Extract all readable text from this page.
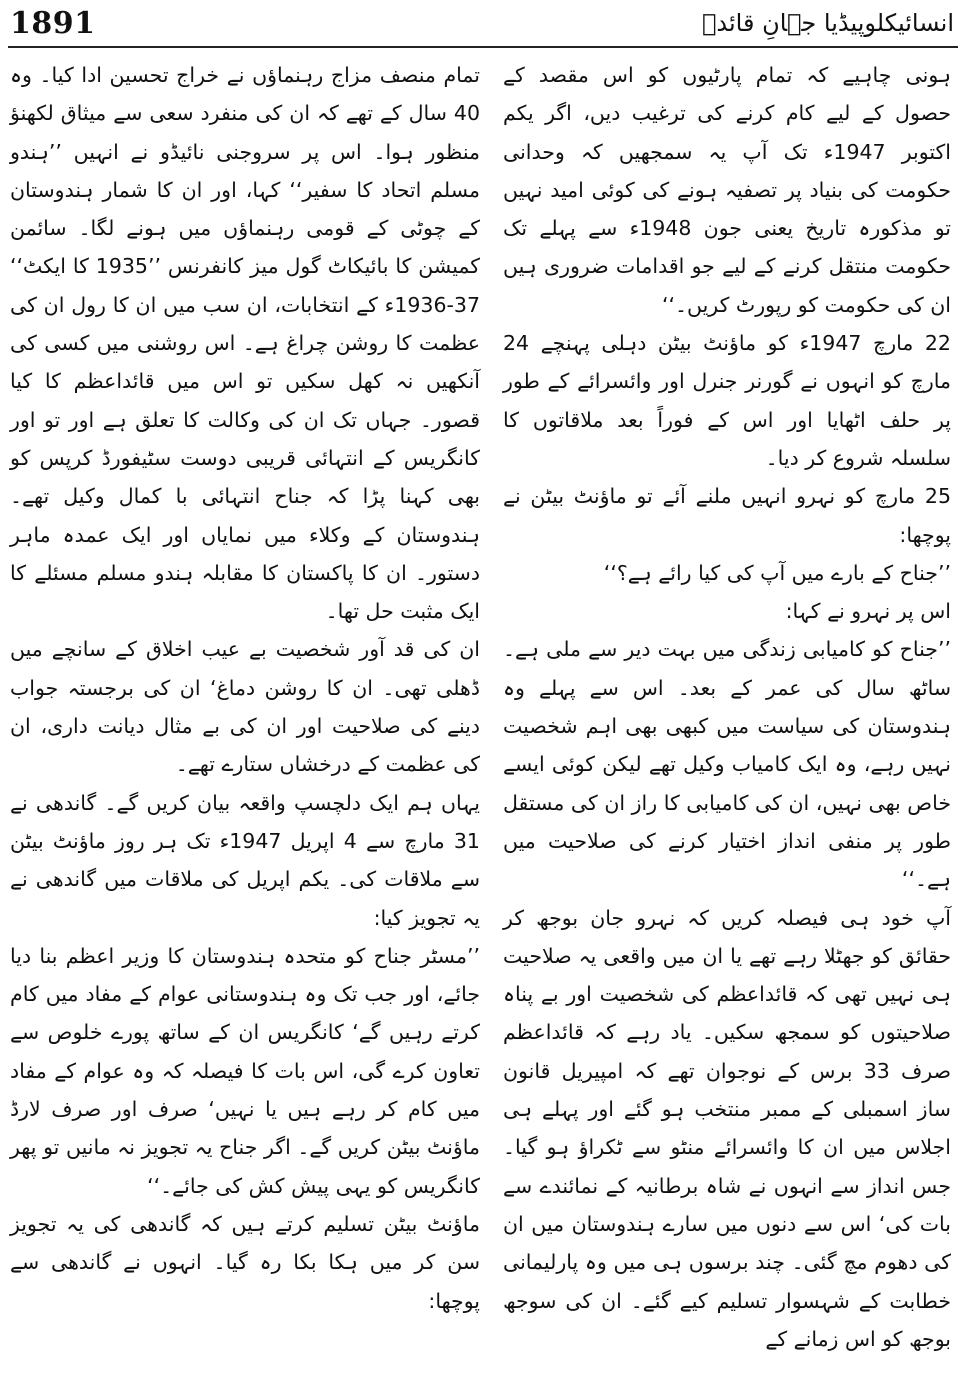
1891	انسائیکلوپیڈیا جہانِ قائدؒ

ہونی چاہیے کہ تمام پارٹیوں کو اس مقصد کے حصول کے لیے کام کرنے کی ترغیب دیں، اگر یکم اکتوبر 1947ء تک آپ یہ سمجھیں کہ وحدانی حکومت کی بنیاد پر تصفیہ ہونے کی کوئی امید نہیں تو مذکورہ تاریخ یعنی جون 1948ء سے پہلے تک حکومت منتقل کرنے کے لیے جو اقدامات ضروری ہیں ان کی حکومت کو رپورٹ کریں۔‘‘

22 مارچ 1947ء کو ماؤنٹ بیٹن دہلی پہنچے 24 مارچ کو انہوں نے گورنر جنرل اور وائسرائے کے طور پر حلف اٹھایا اور اس کے فوراً بعد ملاقاتوں کا سلسلہ شروع کر دیا۔

25 مارچ کو نہرو انہیں ملنے آئے تو ماؤنٹ بیٹن نے پوچھا:

’’جناح کے بارے میں آپ کی کیا رائے ہے؟‘‘

اس پر نہرو نے کہا:

’’جناح کو کامیابی زندگی میں بہت دیر سے ملی ہے۔ ساٹھ سال کی عمر کے بعد۔ اس سے پہلے وہ ہندوستان کی سیاست میں کبھی بھی اہم شخصیت نہیں رہے، وہ ایک کامیاب وکیل تھے لیکن کوئی ایسے خاص بھی نہیں، ان کی کامیابی کا راز ان کی مستقل طور پر منفی انداز اختیار کرنے کی صلاحیت میں ہے۔‘‘

آپ خود ہی فیصلہ کریں کہ نہرو جان بوجھ کر حقائق کو جھٹلا رہے تھے یا ان میں واقعی یہ صلاحیت ہی نہیں تھی کہ قائداعظم کی شخصیت اور بے پناہ صلاحیتوں کو سمجھ سکیں۔ یاد رہے کہ قائداعظم صرف 33 برس کے نوجوان تھے کہ امپیریل قانون ساز اسمبلی کے ممبر منتخب ہو گئے اور پہلے ہی اجلاس میں ان کا وائسرائے منٹو سے ٹکراؤ ہو گیا۔ جس انداز سے انہوں نے شاہ برطانیہ کے نمائندے سے بات کی‘ اس سے دنوں میں سارے ہندوستان میں ان کی دھوم مچ گئی۔ چند برسوں ہی میں وہ پارلیمانی خطابت کے شہسوار تسلیم کیے گئے۔ ان کی سوجھ بوجھ کو اس زمانے کے

تمام منصف مزاج رہنماؤں نے خراج تحسین ادا کیا۔ وہ 40 سال کے تھے کہ ان کی منفرد سعی سے میثاق لکھنؤ منظور ہوا۔ اس پر سروجنی نائیڈو نے انہیں ’’ہندو مسلم اتحاد کا سفیر‘‘ کہا، اور ان کا شمار ہندوستان کے چوٹی کے قومی رہنماؤں میں ہونے لگا۔ سائمن کمیشن کا بائیکاٹ گول میز کانفرنس ’’1935 کا ایکٹ‘‘ 37-1936ء کے انتخابات، ان سب میں ان کا رول ان کی عظمت کا روشن چراغ ہے۔ اس روشنی میں کسی کی آنکھیں نہ کھل سکیں تو اس میں قائداعظم کا کیا قصور۔ جہاں تک ان کی وکالت کا تعلق ہے اور تو اور کانگریس کے انتہائی قریبی دوست سٹیفورڈ کرپس کو بھی کہنا پڑا کہ جناح انتہائی با کمال وکیل تھے۔ ہندوستان کے وکلاء میں نمایاں اور ایک عمدہ ماہر دستور۔ ان کا پاکستان کا مقابلہ ہندو مسلم مسئلے کا ایک مثبت حل تھا۔

ان کی قد آور شخصیت بے عیب اخلاق کے سانچے میں ڈھلی تھی۔ ان کا روشن دماغ‘ ان کی برجستہ جواب دینے کی صلاحیت اور ان کی بے مثال دیانت داری، ان کی عظمت کے درخشاں ستارے تھے۔

یہاں ہم ایک دلچسپ واقعہ بیان کریں گے۔ گاندھی نے 31 مارچ سے 4 اپریل 1947ء تک ہر روز ماؤنٹ بیٹن سے ملاقات کی۔ یکم اپریل کی ملاقات میں گاندھی نے یہ تجویز کیا:

’’مسٹر جناح کو متحدہ ہندوستان کا وزیر اعظم بنا دیا جائے، اور جب تک وہ ہندوستانی عوام کے مفاد میں کام کرتے رہیں گے‘ کانگریس ان کے ساتھ پورے خلوص سے تعاون کرے گی، اس بات کا فیصلہ کہ وہ عوام کے مفاد میں کام کر رہے ہیں یا نہیں‘ صرف اور صرف لارڈ ماؤنٹ بیٹن کریں گے۔ اگر جناح یہ تجویز نہ مانیں تو پھر کانگریس کو یہی پیش کش کی جائے۔‘‘

ماؤنٹ بیٹن تسلیم کرتے ہیں کہ گاندھی کی یہ تجویز سن کر میں ہکا بکا رہ گیا۔ انہوں نے گاندھی سے پوچھا:
